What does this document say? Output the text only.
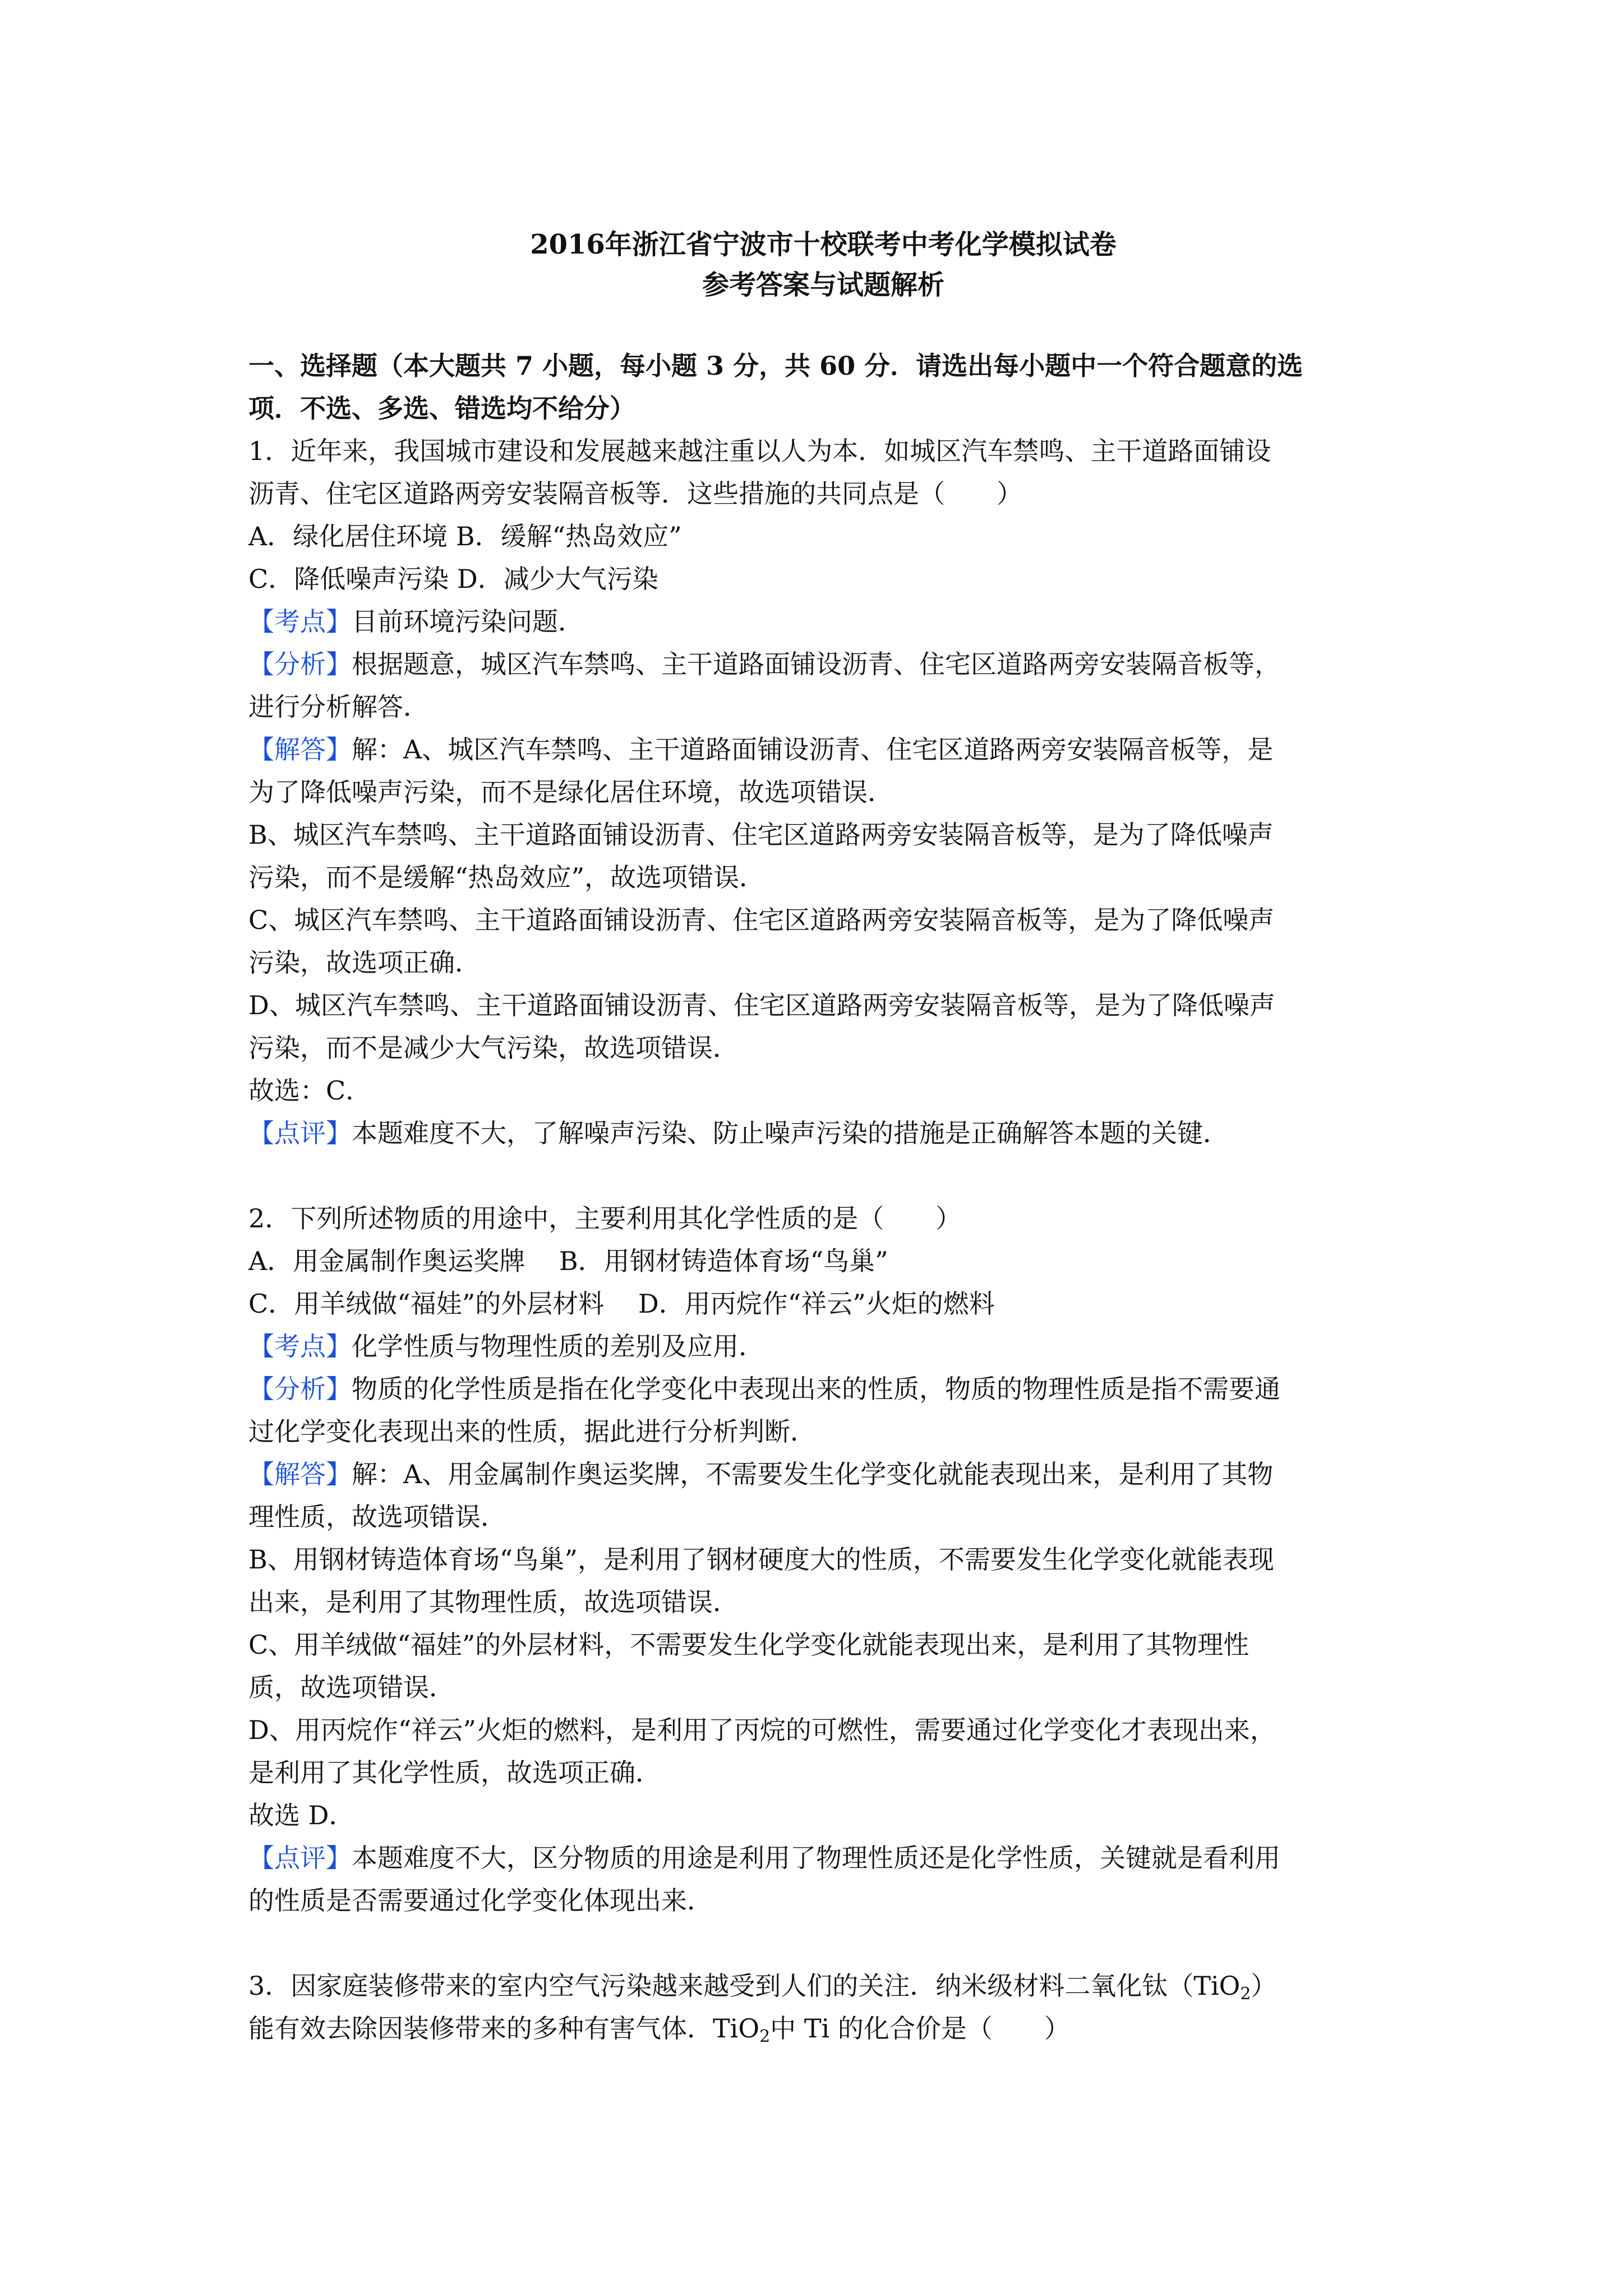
2016年浙江省宁波市十校联考中考化学模拟试卷

参考答案与试题解析

一、选择题（本大题共 7 小题，每小题 3 分，共 60 分．请选出每小题中一个符合题意的选
项．不选、多选、错选均不给分）
1．近年来，我国城市建设和发展越来越注重以人为本．如城区汽车禁鸣、主干道路面铺设
沥青、住宅区道路两旁安装隔音板等．这些措施的共同点是（　　）
A．绿化居住环境 B．缓解“热岛效应”
C．降低噪声污染 D．减少大气污染
【考点】目前环境污染问题．
【分析】根据题意，城区汽车禁鸣、主干道路面铺设沥青、住宅区道路两旁安装隔音板等，
进行分析解答．
【解答】解：A、城区汽车禁鸣、主干道路面铺设沥青、住宅区道路两旁安装隔音板等，是
为了降低噪声污染，而不是绿化居住环境，故选项错误．
B、城区汽车禁鸣、主干道路面铺设沥青、住宅区道路两旁安装隔音板等，是为了降低噪声
污染，而不是缓解“热岛效应”，故选项错误．
C、城区汽车禁鸣、主干道路面铺设沥青、住宅区道路两旁安装隔音板等，是为了降低噪声
污染，故选项正确．
D、城区汽车禁鸣、主干道路面铺设沥青、住宅区道路两旁安装隔音板等，是为了降低噪声
污染，而不是减少大气污染，故选项错误．
故选：C．
【点评】本题难度不大，了解噪声污染、防止噪声污染的措施是正确解答本题的关键．
2．下列所述物质的用途中，主要利用其化学性质的是（　　）
A．用金属制作奥运奖牌　 B．用钢材铸造体育场“鸟巢”
C．用羊绒做“福娃”的外层材料　 D．用丙烷作“祥云”火炬的燃料
【考点】化学性质与物理性质的差别及应用．
【分析】物质的化学性质是指在化学变化中表现出来的性质，物质的物理性质是指不需要通
过化学变化表现出来的性质，据此进行分析判断．
【解答】解：A、用金属制作奥运奖牌，不需要发生化学变化就能表现出来，是利用了其物
理性质，故选项错误．
B、用钢材铸造体育场“鸟巢”，是利用了钢材硬度大的性质，不需要发生化学变化就能表现
出来，是利用了其物理性质，故选项错误．
C、用羊绒做“福娃”的外层材料，不需要发生化学变化就能表现出来，是利用了其物理性
质，故选项错误．
D、用丙烷作“祥云”火炬的燃料，是利用了丙烷的可燃性，需要通过化学变化才表现出来，
是利用了其化学性质，故选项正确．
故选 D．
【点评】本题难度不大，区分物质的用途是利用了物理性质还是化学性质，关键就是看利用
的性质是否需要通过化学变化体现出来．
3．因家庭装修带来的室内空气污染越来越受到人们的关注．纳米级材料二氧化钛（TiO$_2$）
能有效去除因装修带来的多种有害气体．TiO$_2$中 Ti 的化合价是（　　）
